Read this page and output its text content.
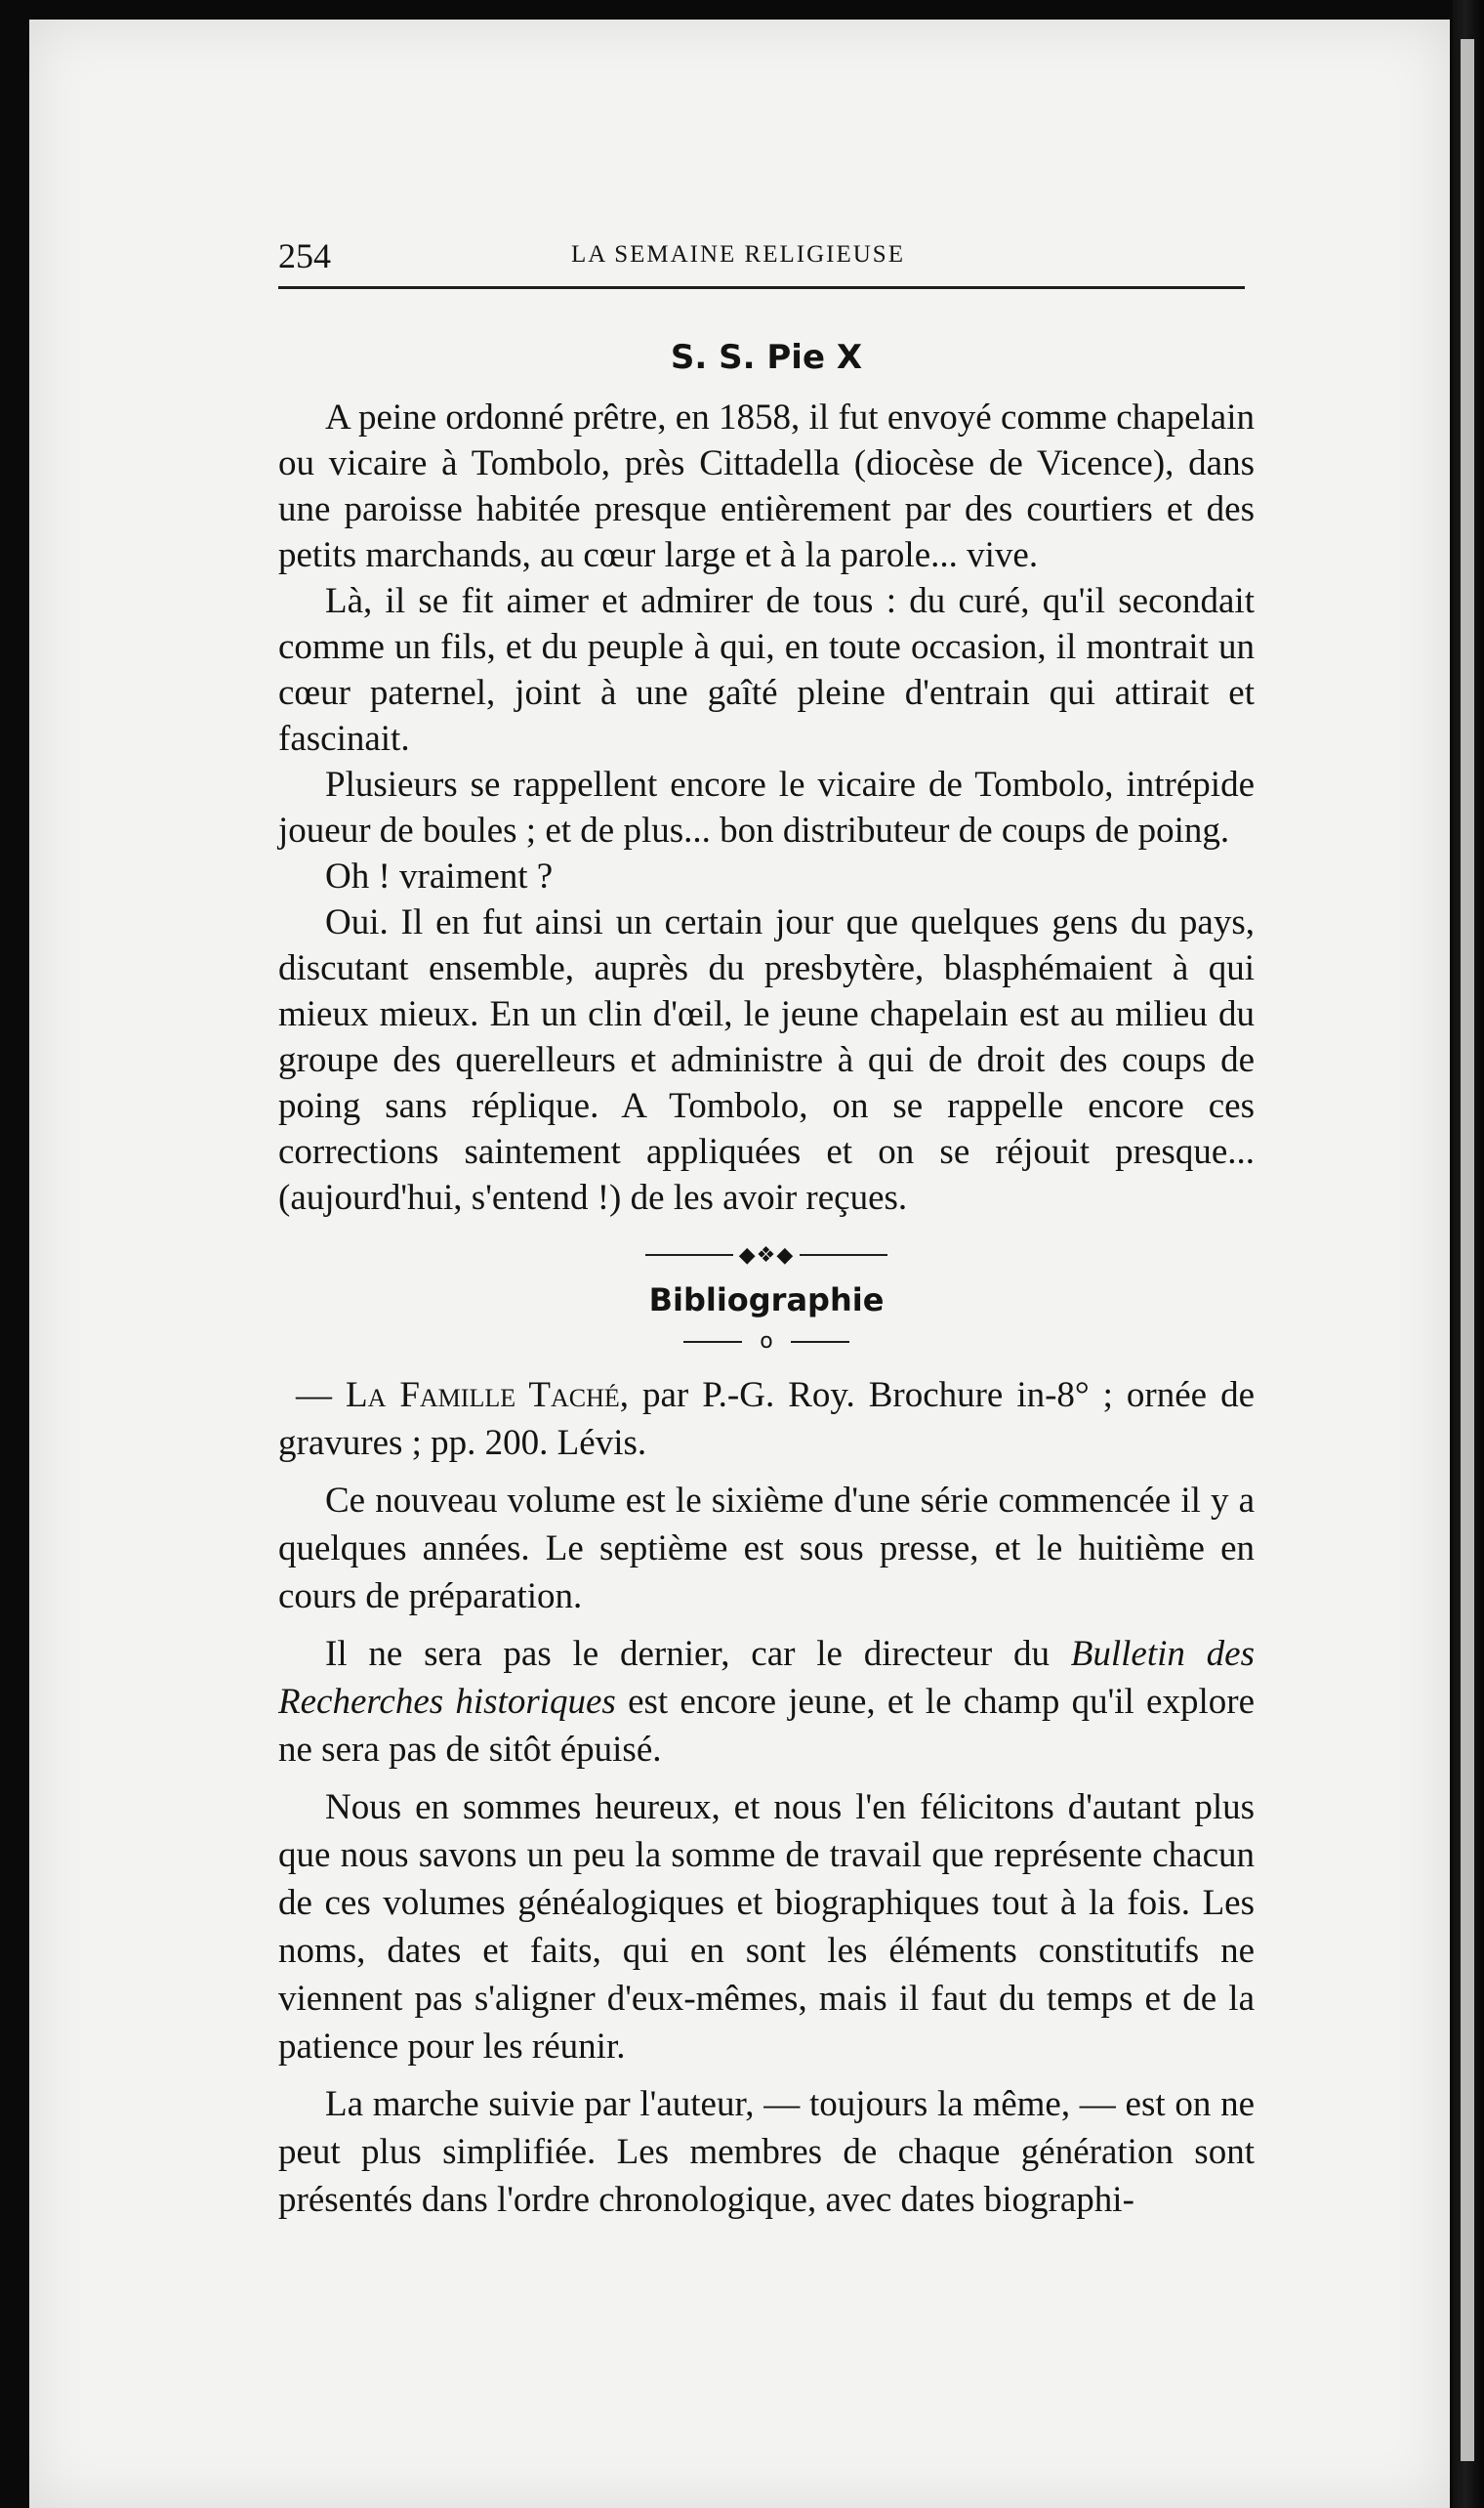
254	LA SEMAINE RELIGIEUSE
S. S. Pie X

A peine ordonné prêtre, en 1858, il fut envoyé comme chapelain ou vicaire à Tombolo, près Cittadella (diocèse de Vicence), dans une paroisse habitée presque entièrement par des courtiers et des petits marchands, au cœur large et à la parole... vive.

Là, il se fit aimer et admirer de tous : du curé, qu'il secondait comme un fils, et du peuple à qui, en toute occasion, il montrait un cœur paternel, joint à une gaîté pleine d'entrain qui attirait et fascinait.

Plusieurs se rappellent encore le vicaire de Tombolo, intrépide joueur de boules ; et de plus... bon distributeur de coups de poing.

Oh ! vraiment ?

Oui. Il en fut ainsi un certain jour que quelques gens du pays, discutant ensemble, auprès du presbytère, blasphémaient à qui mieux mieux. En un clin d'œil, le jeune chapelain est au milieu du groupe des querelleurs et administre à qui de droit des coups de poing sans réplique. A Tombolo, on se rappelle encore ces corrections saintement appliquées et on se réjouit presque... (aujourd'hui, s'entend !) de les avoir reçues.

◆❖◆
Bibliographie
o

— La Famille Taché, par P.-G. Roy. Brochure in-8° ; ornée de gravures ; pp. 200. Lévis.

Ce nouveau volume est le sixième d'une série commencée il y a quelques années. Le septième est sous presse, et le huitième en cours de préparation.

Il ne sera pas le dernier, car le directeur du Bulletin des Recherches historiques est encore jeune, et le champ qu'il explore ne sera pas de sitôt épuisé.

Nous en sommes heureux, et nous l'en félicitons d'autant plus que nous savons un peu la somme de travail que représente chacun de ces volumes généalogiques et biographiques tout à la fois. Les noms, dates et faits, qui en sont les éléments constitutifs ne viennent pas s'aligner d'eux-mêmes, mais il faut du temps et de la patience pour les réunir.

La marche suivie par l'auteur, — toujours la même, — est on ne peut plus simplifiée. Les membres de chaque génération sont présentés dans l'ordre chronologique, avec dates biographi-
